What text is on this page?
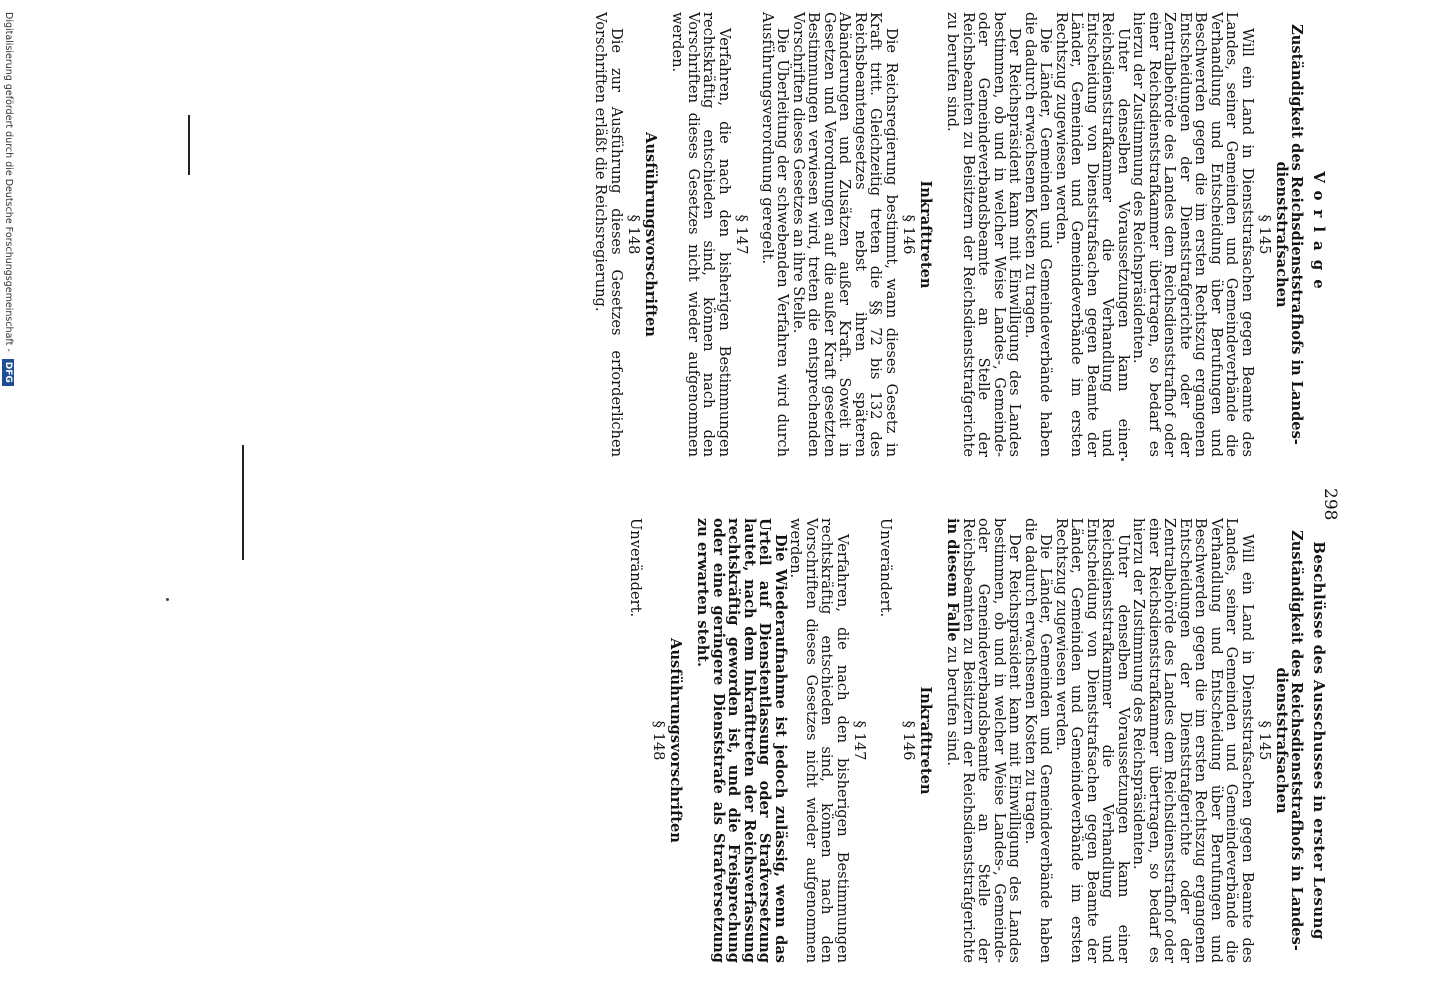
298
Vorlage
Zuständigkeit des Reichsdienststrafhofs in Landes-
dienststrafsachen
§ 145

Will ein Land in Dienststrafsachen gegen Beamte des Landes, seiner Gemeinden und Gemeindeverbände die Verhandlung und Entscheidung über Berufungen und Beschwerden gegen die im ersten Rechtszug ergangenen Entscheidungen der Dienststrafgerichte oder der Zentralbehörde des Landes dem Reichsdienststrafhof oder einer Reichsdienststrafkammer übertragen, so bedarf es hierzu der Zustimmung des Reichspräsidenten.

Unter denselben Voraussetzungen kann einer Reichsdienststrafkammer die Verhandlung und Entscheidung von Dienststrafsachen gegen Beamte der Länder, Gemeinden und Gemeindeverbände im ersten Rechtszug zugewiesen werden.

Die Länder, Gemeinden und Gemeindeverbände haben die dadurch erwachsenen Kosten zu tragen.

Der Reichspräsident kann mit Einwilligung des Landes bestimmen, ob und in welcher Weise Landes-, Gemeinde- oder Gemeindeverbandsbeamte an Stelle der Reichsbeamten zu Beisitzern der Reichsdienststrafgerichte zu berufen sind.

Inkrafttreten
§ 146

Die Reichsregierung bestimmt, wann dieses Gesetz in Kraft tritt. Gleichzeitig treten die §§ 72 bis 132 des Reichsbeamtengesetzes nebst ihren späteren Abänderungen und Zusätzen außer Kraft. Soweit in Gesetzen und Verordnungen auf die außer Kraft gesetzten Bestimmungen verwiesen wird, treten die entsprechenden Vorschriften dieses Gesetzes an ihre Stelle.

Die Überleitung der schwebenden Verfahren wird durch Ausführungsverordnung geregelt.

§ 147

Verfahren, die nach den bisherigen Bestimmungen rechtskräftig entschieden sind, können nach den Vorschriften dieses Gesetzes nicht wieder aufgenommen werden.

Ausführungsvorschriften
§ 148

Die zur Ausführung dieses Gesetzes erforderlichen Vorschriften erläßt die Reichsregierung.

Beschlüsse des Ausschusses in erster Lesung
Zuständigkeit des Reichsdienststrafhofs in Landes-
dienststrafsachen
§ 145

Will ein Land in Dienststrafsachen gegen Beamte des Landes, seiner Gemeinden und Gemeindeverbände die Verhandlung und Entscheidung über Berufungen und Beschwerden gegen die im ersten Rechtszug ergangenen Entscheidungen der Dienststrafgerichte oder der Zentralbehörde des Landes dem Reichsdienststrafhof oder einer Reichsdienststrafkammer übertragen, so bedarf es hierzu der Zustimmung des Reichspräsidenten.

Unter denselben Voraussetzungen kann einer Reichsdienststrafkammer die Verhandlung und Entscheidung von Dienststrafsachen gegen Beamte der Länder, Gemeinden und Gemeindeverbände im ersten Rechtszug zugewiesen werden.

Die Länder, Gemeinden und Gemeindeverbände haben die dadurch erwachsenen Kosten zu tragen.

Der Reichspräsident kann mit Einwilligung des Landes bestimmen, ob und in welcher Weise Landes-, Gemeinde- oder Gemeindeverbandsbeamte an Stelle der Reichsbeamten zu Beisitzern der Reichsdienststrafgerichte in diesem Falle zu berufen sind.

Inkrafttreten
§ 146
Unverändert.
§ 147

Verfahren, die nach den bisherigen Bestimmungen rechtskräftig entschieden sind, können nach den Vorschriften dieses Gesetzes nicht wieder aufgenommen werden.

Die Wiederaufnahme ist jedoch zulässig, wenn das Urteil auf Dienstentlassung oder Strafversetzung lautet, nach dem Inkrafttreten der Reichsverfassung rechtskräftig geworden ist, und die Freisprechung oder eine geringere Dienststrafe als Strafversetzung zu erwarten steht.

Ausführungsvorschriften
§ 148
Unverändert.
Digitalisierung gefördert durch die Deutsche Forschungsgemeinschaft - DFG
